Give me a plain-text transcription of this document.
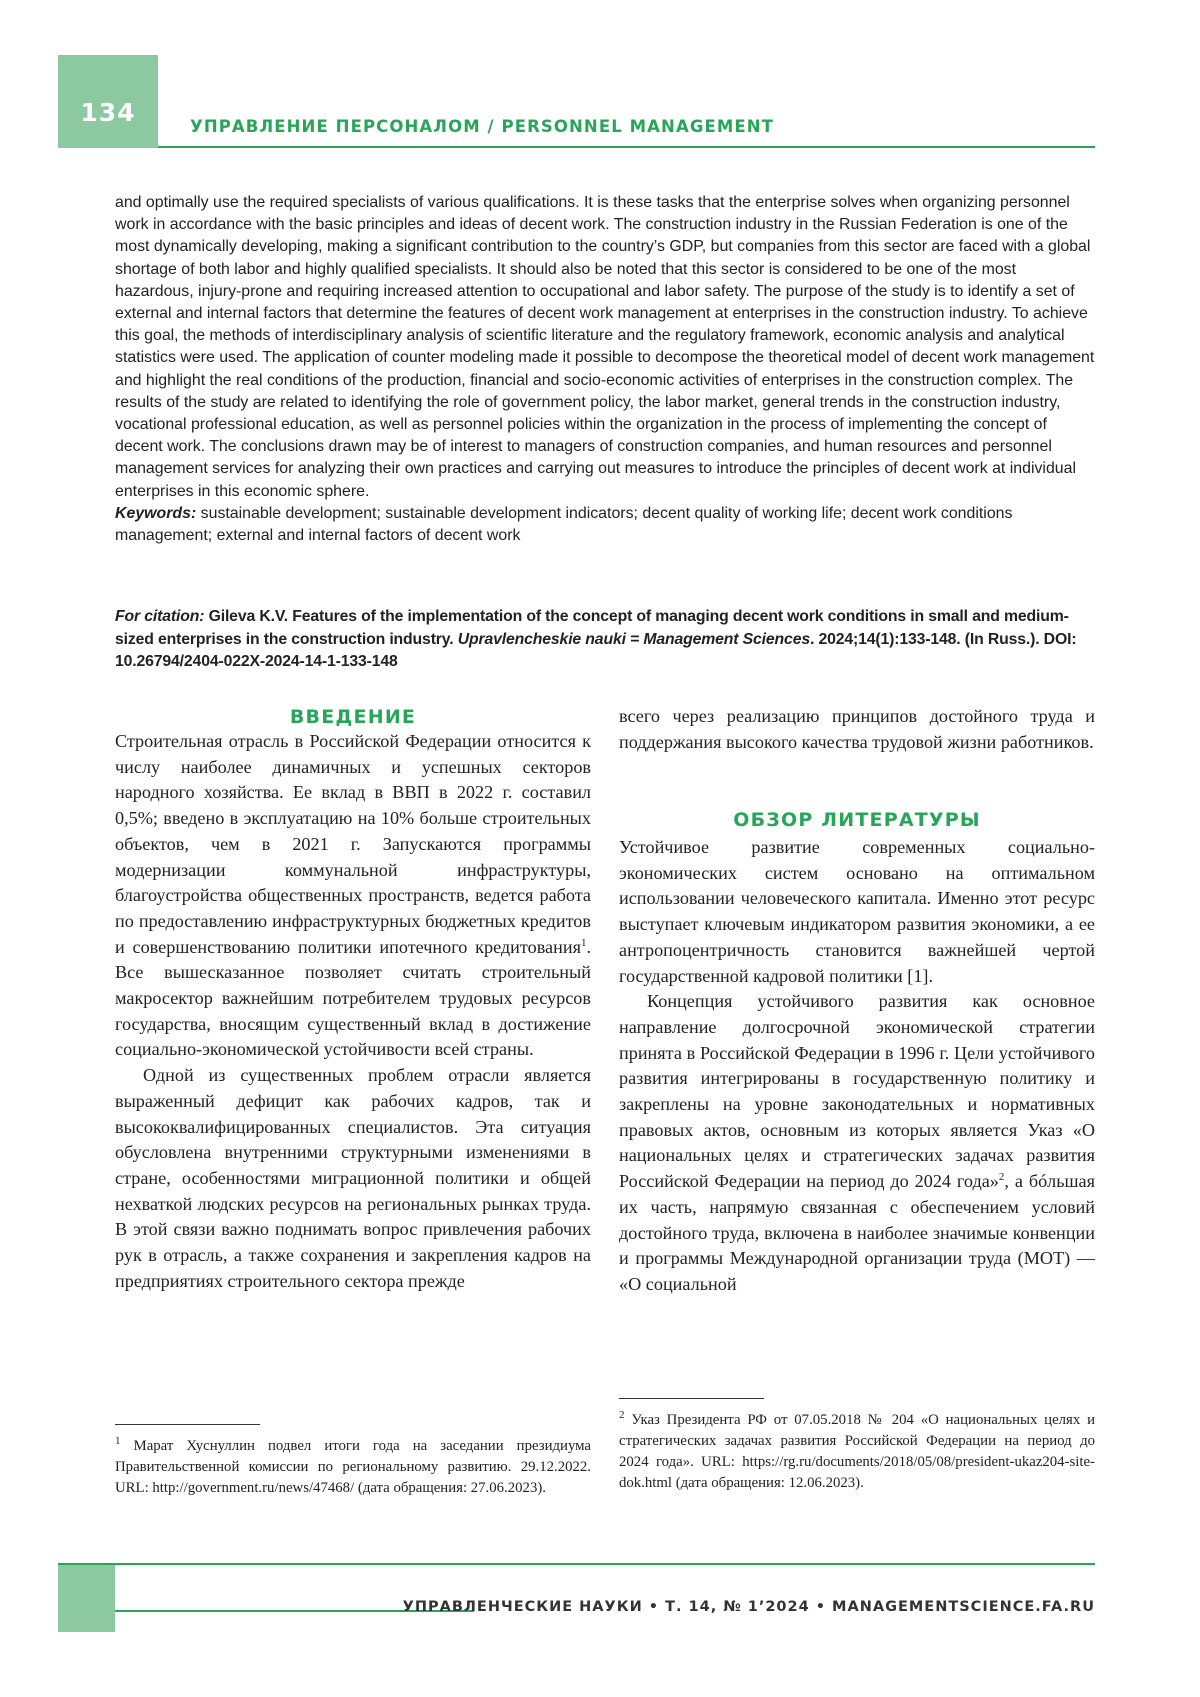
134	УПРАВЛЕНИЕ ПЕРСОНАЛОМ / PERSONNEL MANAGEMENT

and optimally use the required specialists of various qualifications. It is these tasks that the enterprise solves when organizing personnel work in accordance with the basic principles and ideas of decent work. The construction industry in the Russian Federation is one of the most dynamically developing, making a significant contribution to the country’s GDP, but companies from this sector are faced with a global shortage of both labor and highly qualified specialists. It should also be noted that this sector is considered to be one of the most hazardous, injury-prone and requiring increased attention to occupational and labor safety. The purpose of the study is to identify a set of external and internal factors that determine the features of decent work management at enterprises in the construction industry. To achieve this goal, the methods of interdisciplinary analysis of scientific literature and the regulatory framework, economic analysis and analytical statistics were used. The application of counter modeling made it possible to decompose the theoretical model of decent work management and highlight the real conditions of the production, financial and socio-economic activities of enterprises in the construction complex. The results of the study are related to identifying the role of government policy, the labor market, general trends in the construction industry, vocational professional education, as well as personnel policies within the organization in the process of implementing the concept of decent work. The conclusions drawn may be of interest to managers of construction companies, and human resources and personnel management services for analyzing their own practices and carrying out measures to introduce the principles of decent work at individual enterprises in this economic sphere.

Keywords: sustainable development; sustainable development indicators; decent quality of working life; decent work conditions management; external and internal factors of decent work

For citation: Gileva K.V. Features of the implementation of the concept of managing decent work conditions in small and medium-sized enterprises in the construction industry. Upravlencheskie nauki = Management Sciences. 2024;14(1):133-148. (In Russ.). DOI: 10.26794/2404-022X-2024-14-1-133-148

ВВЕДЕНИЕ

Строительная отрасль в Российской Федерации относится к числу наиболее динамичных и успешных секторов народного хозяйства. Ее вклад в ВВП в 2022 г. составил 0,5%; введено в эксплуатацию на 10% больше строительных объектов, чем в 2021 г. Запускаются программы модернизации коммунальной инфраструктуры, благоустройства общественных пространств, ведется работа по предоставлению инфраструктурных бюджетных кредитов и совершенствованию политики ипотечного кредитования$^1$. Все вышесказанное позволяет считать строительный макросектор важнейшим потребителем трудовых ресурсов государства, вносящим существенный вклад в достижение социально-экономической устойчивости всей страны.

Одной из существенных проблем отрасли является выраженный дефицит как рабочих кадров, так и высококвалифицированных специалистов. Эта ситуация обусловлена внутренними структурными изменениями в стране, особенностями миграционной политики и общей нехваткой людских ресурсов на региональных рынках труда. В этой связи важно поднимать вопрос привлечения рабочих рук в отрасль, а также сохранения и закрепления кадров на предприятиях строительного сектора прежде

всего через реализацию принципов достойного труда и поддержания высокого качества трудовой жизни работников.

ОБЗОР ЛИТЕРАТУРЫ

Устойчивое развитие современных социально-экономических систем основано на оптимальном использовании человеческого капитала. Именно этот ресурс выступает ключевым индикатором развития экономики, а ее антропоцентричность становится важнейшей чертой государственной кадровой политики [1].

Концепция устойчивого развития как основное направление долгосрочной экономической стратегии принята в Российской Федерации в 1996 г. Цели устойчивого развития интегрированы в государственную политику и закреплены на уровне законодательных и нормативных правовых актов, основным из которых является Указ «О национальных целях и стратегических задачах развития Российской Федерации на период до 2024 года»$^2$, а бóльшая их часть, напрямую связанная с обеспечением условий достойного труда, включена в наиболее значимые конвенции и программы Международной организации труда (МОТ) — «О социальной

$^1$ Марат Хуснуллин подвел итоги года на заседании президиума Правительственной комиссии по региональному развитию. 29.12.2022. URL: http://government.ru/news/47468/ (дата обращения: 27.06.2023).

$^2$ Указ Президента РФ от 07.05.2018 № 204 «О национальных целях и стратегических задачах развития Российской Федерации на период до 2024 года». URL: https://rg.ru/documents/2018/05/08/president-ukaz204-site-dok.html (дата обращения: 12.06.2023).

УПРАВЛЕНЧЕСКИЕ НАУКИ • Т. 14, № 1’2024 • MANAGEMENTSCIENCE.FA.RU
